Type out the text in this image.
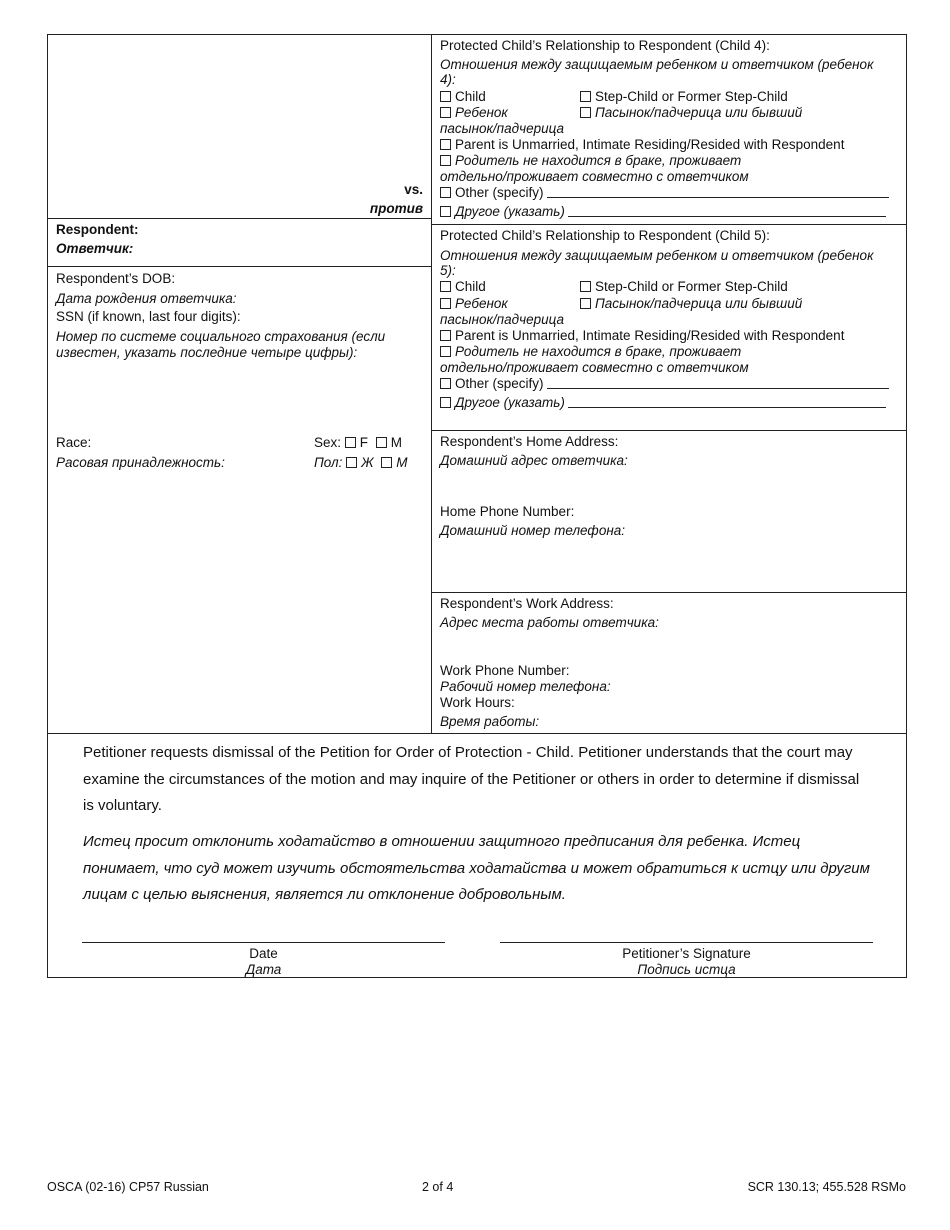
vs.
против
Respondent:
Ответчик:
Respondent’s DOB:
Дата рождения ответчика:
SSN (if known, last four digits):
Номер по системе социального страхования (если
известен, указать последние четыре цифры):
Race:
Расовая принадлежность:
Sex: F M
Пол: Ж М
Protected Child’s Relationship to Respondent (Child 4):
Отношения между защищаемым ребенком и ответчиком (ребенок
4):
Child	Step-Child or Former Step-Child
Ребенок	Пасынок/падчерица или бывший
пасынок/падчерица
Parent is Unmarried, Intimate Residing/Resided with Respondent
Родитель не находится в браке, проживает
отдельно/проживает совместно с ответчиком
Other (specify)
Другое (указать)
Protected Child’s Relationship to Respondent (Child 5):
Отношения между защищаемым ребенком и ответчиком (ребенок
5):
Child	Step-Child or Former Step-Child
Ребенок	Пасынок/падчерица или бывший
пасынок/падчерица
Parent is Unmarried, Intimate Residing/Resided with Respondent
Родитель не находится в браке, проживает
отдельно/проживает совместно с ответчиком
Other (specify)
Другое (указать)
Respondent’s Home Address:
Домашний адрес ответчика:
Home Phone Number:
Домашний номер телефона:
Respondent’s Work Address:
Адрес места работы ответчика:
Work Phone Number:
Рабочий номер телефона:
Work Hours:
Время работы:
Petitioner requests dismissal of the Petition for Order of Protection - Child. Petitioner understands that the court may examine the circumstances of the motion and may inquire of the Petitioner or others in order to determine if dismissal is voluntary.
Истец просит отклонить ходатайство в отношении защитного предписания для ребенка. Истец понимает, что суд может изучить обстоятельства ходатайства и может обратиться к истцу или другим лицам с целью выяснения, является ли отклонение добровольным.
Date
Дата
Petitioner’s Signature
Подпись истца
OSCA (02-16) CP57 Russian	2 of 4	SCR 130.13; 455.528 RSMo
